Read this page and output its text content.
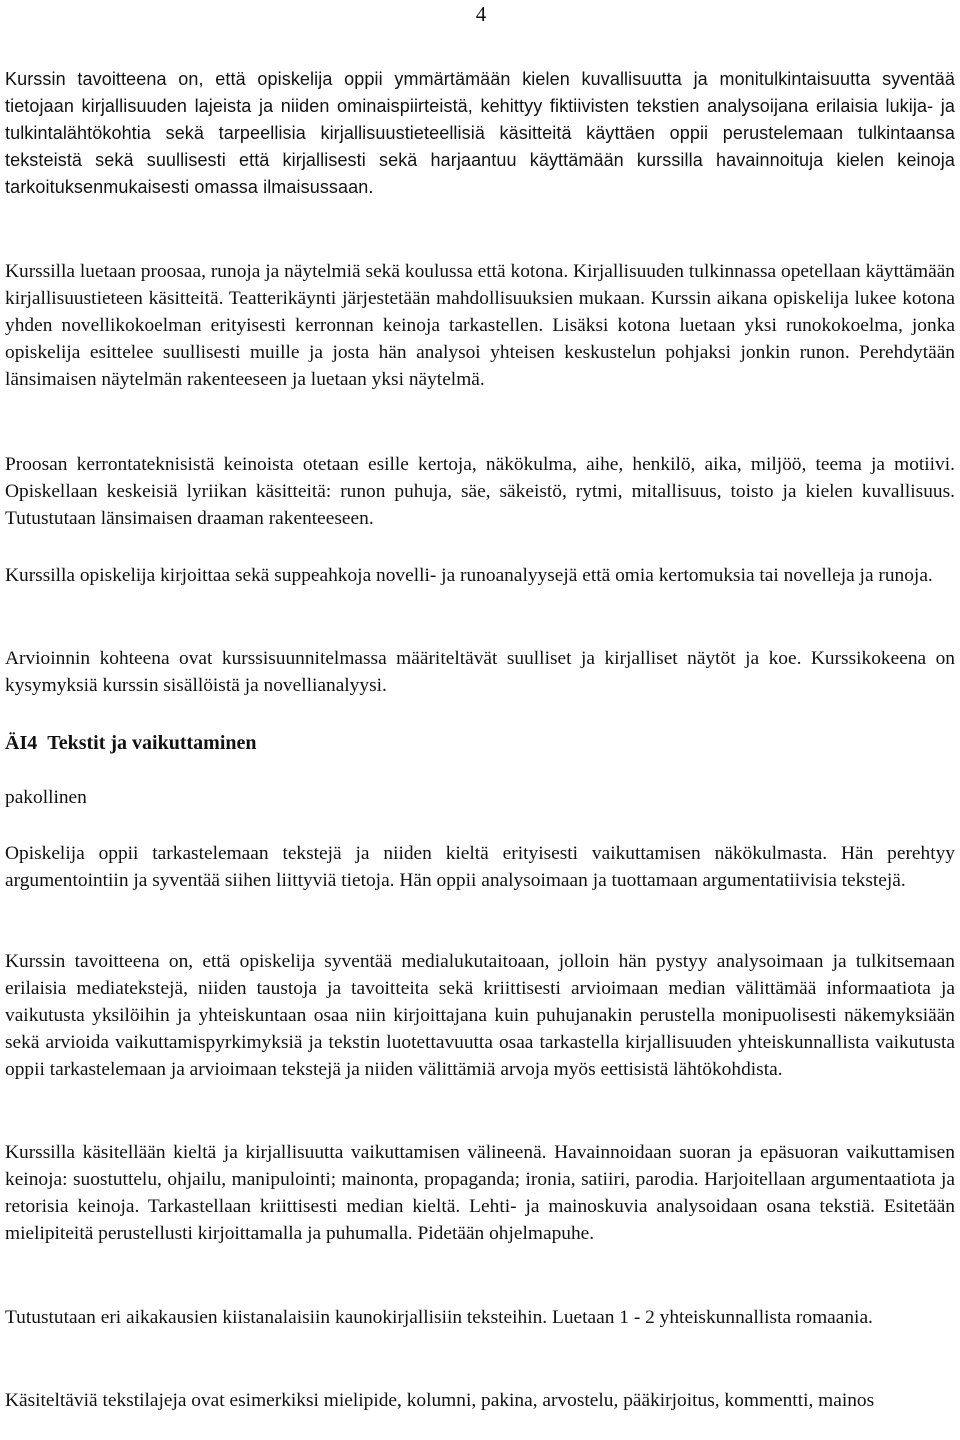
4

Kurssin tavoitteena on, että opiskelija oppii ymmärtämään kielen kuvallisuutta ja monitulkintaisuutta syventää tietojaan kirjallisuuden lajeista ja niiden ominaispiirteistä, kehittyy fiktiivisten tekstien analysoijana erilaisia lukija- ja tulkintalähtökohtia sekä tarpeellisia kirjallisuustieteellisiä käsitteitä käyttäen oppii perustelemaan tulkintaansa teksteistä sekä suullisesti että kirjallisesti sekä harjaantuu käyttämään kurssilla havainnoituja kielen keinoja tarkoituksenmukaisesti omassa ilmaisussaan.

Kurssilla luetaan proosaa, runoja ja näytelmiä sekä koulussa että kotona. Kirjallisuuden tulkinnassa opetellaan käyttämään kirjallisuustieteen käsitteitä. Teatterikäynti järjestetään mahdollisuuksien mukaan. Kurssin aikana opiskelija lukee kotona yhden novellikokoelman erityisesti kerronnan keinoja tarkastellen. Lisäksi kotona luetaan yksi runokokoelma, jonka opiskelija esittelee suullisesti muille ja josta hän analysoi yhteisen keskustelun pohjaksi jonkin runon. Perehdytään länsimaisen näytelmän rakenteeseen ja luetaan yksi näytelmä.

Proosan kerrontateknisistä keinoista otetaan esille kertoja, näkökulma, aihe, henkilö, aika, miljöö, teema ja motiivi. Opiskellaan keskeisiä lyriikan käsitteitä: runon puhuja, säe, säkeistö, rytmi, mitallisuus, toisto ja kielen kuvallisuus. Tutustutaan länsimaisen draaman rakenteeseen.

Kurssilla opiskelija kirjoittaa sekä suppeahkoja novelli- ja runoanalyysejä että omia kertomuksia tai novelleja ja runoja.

Arvioinnin kohteena ovat kurssisuunnitelmassa määriteltävät suulliset ja kirjalliset näytöt ja koe. Kurssikokeena on kysymyksiä kurssin sisällöistä ja novellianalyysi.

ÄI4 Tekstit ja vaikuttaminen

pakollinen

Opiskelija oppii tarkastelemaan tekstejä ja niiden kieltä erityisesti vaikuttamisen näkökulmasta. Hän perehtyy argumentointiin ja syventää siihen liittyviä tietoja. Hän oppii analysoimaan ja tuottamaan argumentatiivisia tekstejä.

Kurssin tavoitteena on, että opiskelija syventää medialukutaitoaan, jolloin hän pystyy analysoimaan ja tulkitsemaan erilaisia mediatekstejä, niiden taustoja ja tavoitteita sekä kriittisesti arvioimaan median välittämää informaatiota ja vaikutusta yksilöihin ja yhteiskuntaan osaa niin kirjoittajana kuin puhujanakin perustella monipuolisesti näkemyksiään sekä arvioida vaikuttamispyrkimyksiä ja tekstin luotettavuutta osaa tarkastella kirjallisuuden yhteiskunnallista vaikutusta oppii tarkastelemaan ja arvioimaan tekstejä ja niiden välittämiä arvoja myös eettisistä lähtökohdista.

Kurssilla käsitellään kieltä ja kirjallisuutta vaikuttamisen välineenä. Havainnoidaan suoran ja epäsuoran vaikuttamisen keinoja: suostuttelu, ohjailu, manipulointi; mainonta, propaganda; ironia, satiiri, parodia. Harjoitellaan argumentaatiota ja retorisia keinoja. Tarkastellaan kriittisesti median kieltä. Lehti- ja mainoskuvia analysoidaan osana tekstiä. Esitetään mielipiteitä perustellusti kirjoittamalla ja puhumalla. Pidetään ohjelmapuhe.

Tutustutaan eri aikakausien kiistanalaisiin kaunokirjallisiin teksteihin. Luetaan 1 - 2 yhteiskunnallista romaania.

Käsiteltäviä tekstilajeja ovat esimerkiksi mielipide, kolumni, pakina, arvostelu, pääkirjoitus, kommentti, mainos
